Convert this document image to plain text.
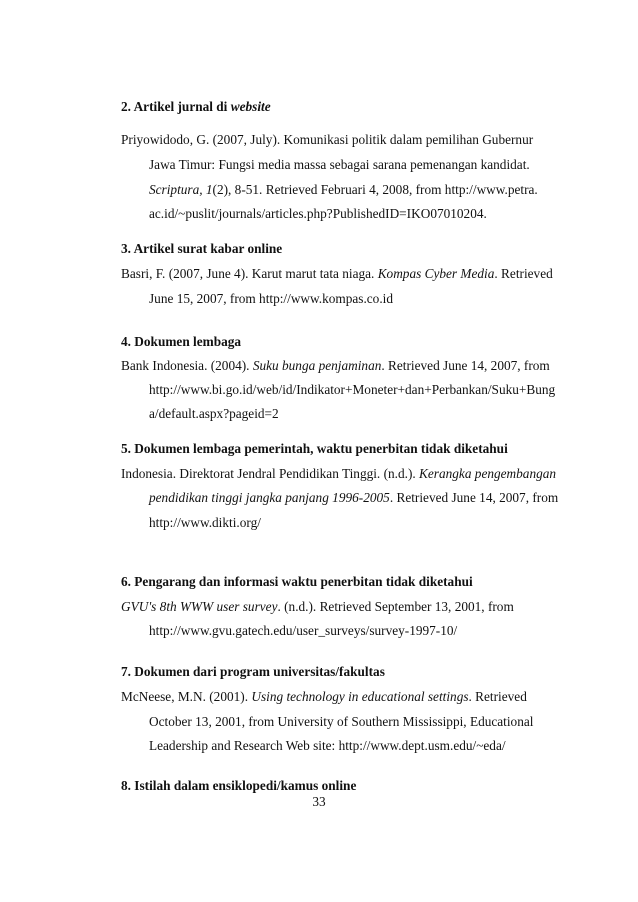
2. Artikel jurnal di website
Priyowidodo, G. (2007, July). Komunikasi politik dalam pemilihan Gubernur
Jawa Timur: Fungsi media massa sebagai sarana pemenangan kandidat.
Scriptura, 1(2), 8-51. Retrieved Februari 4, 2008, from http://www.petra.
ac.id/~puslit/journals/articles.php?PublishedID=IKO07010204.
3. Artikel surat kabar online
Basri, F. (2007, June 4). Karut marut tata niaga. Kompas Cyber Media. Retrieved
June 15, 2007, from http://www.kompas.co.id
4. Dokumen lembaga
Bank Indonesia. (2004). Suku bunga penjaminan. Retrieved June 14, 2007, from
http://www.bi.go.id/web/id/Indikator+Moneter+dan+Perbankan/Suku+Bung
a/default.aspx?pageid=2
5. Dokumen lembaga pemerintah, waktu penerbitan tidak diketahui
Indonesia. Direktorat Jendral Pendidikan Tinggi. (n.d.). Kerangka pengembangan
pendidikan tinggi jangka panjang 1996-2005. Retrieved June 14, 2007, from
http://www.dikti.org/
6. Pengarang dan informasi waktu penerbitan tidak diketahui
GVU's 8th WWW user survey. (n.d.). Retrieved September 13, 2001, from
http://www.gvu.gatech.edu/user_surveys/survey-1997-10/
7. Dokumen dari program universitas/fakultas
McNeese, M.N. (2001). Using technology in educational settings. Retrieved
October 13, 2001, from University of Southern Mississippi, Educational
Leadership and Research Web site: http://www.dept.usm.edu/~eda/
8. Istilah dalam ensiklopedi/kamus online
33
